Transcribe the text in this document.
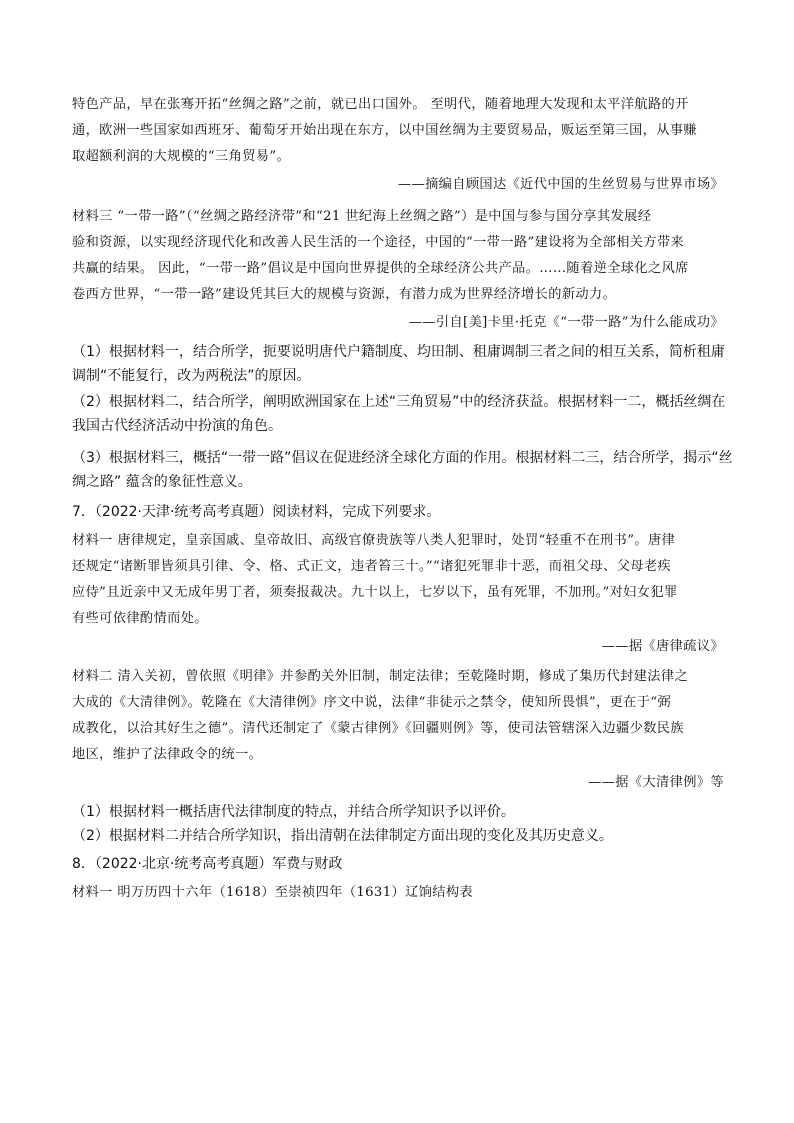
特色产品，早在张骞开拓“丝绸之路”之前，就已出口国外。 至明代，随着地理大发现和太平洋航路的开
通，欧洲一些国家如西班牙、葡萄牙开始出现在东方，以中国丝绸为主要贸易品，贩运至第三国，从事赚
取超额利润的大规模的“三角贸易”。
——摘编自顾国达《近代中国的生丝贸易与世界市场》
材料三 “一带一路”（“丝绸之路经济带”和“21 世纪海上丝绸之路”）是中国与参与国分享其发展经
验和资源，以实现经济现代化和改善人民生活的一个途径，中国的“一带一路”建设将为全部相关方带来
共赢的结果。 因此，“一带一路”倡议是中国向世界提供的全球经济公共产品。……随着逆全球化之风席
卷西方世界，“一带一路”建设凭其巨大的规模与资源，有潜力成为世界经济增长的新动力。
——引自[美]卡里·托克《“一带一路”为什么能成功》
（1）根据材料一，结合所学，扼要说明唐代户籍制度、均田制、租庸调制三者之间的相互关系，简析租庸
调制“不能复行，改为两税法”的原因。
（2）根据材料二，结合所学，阐明欧洲国家在上述“三角贸易”中的经济获益。根据材料一二，概括丝绸在
我国古代经济活动中扮演的角色。
（3）根据材料三，概括“一带一路”倡议在促进经济全球化方面的作用。根据材料二三，结合所学，揭示“丝
绸之路” 蕴含的象征性意义。
7．（2022·天津·统考高考真题）阅读材料，完成下列要求。
材料一 唐律规定，皇亲国戚、皇帝故旧、高级官僚贵族等八类人犯罪时，处罚“轻重不在刑书”。唐律
还规定“诸断罪皆须具引律、令、格、式正文，违者笞三十。”“诸犯死罪非十恶，而祖父母、父母老疾
应侍”且近亲中又无成年男丁者，须奏报裁决。九十以上，七岁以下，虽有死罪，不加刑。”对妇女犯罪
有些可依律酌情而处。
——据《唐律疏议》
材料二 清入关初，曾依照《明律》并参酌关外旧制，制定法律；至乾隆时期，修成了集历代封建法律之
大成的《大清律例》。乾隆在《大清律例》序文中说，法律“非徒示之禁令，使知所畏惧”，更在于“弼
成教化，以洽其好生之德”。清代还制定了《蒙古律例》《回疆则例》等，使司法管辖深入边疆少数民族
地区，维护了法律政令的统一。
——据《大清律例》等
（1）根据材料一概括唐代法律制度的特点，并结合所学知识予以评价。
（2）根据材料二并结合所学知识，指出清朝在法律制定方面出现的变化及其历史意义。
8．（2022·北京·统考高考真题）军费与财政
材料一 明万历四十六年（1618）至崇祯四年（1631）辽饷结构表
